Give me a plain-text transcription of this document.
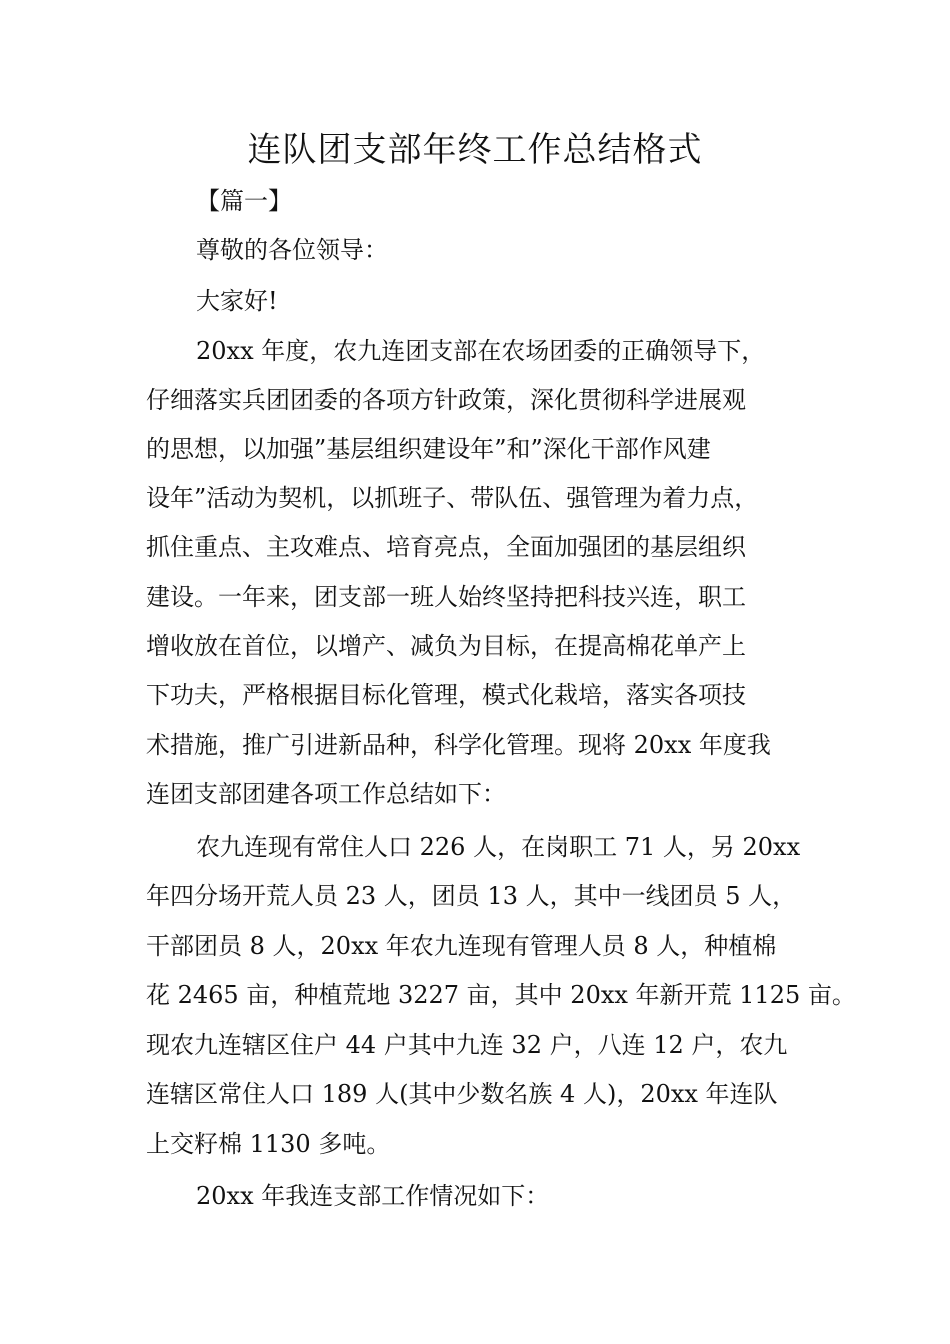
连队团支部年终工作总结格式

【篇一】

尊敬的各位领导：

大家好!

20xx 年度，农九连团支部在农场团委的正确领导下，

仔细落实兵团团委的各项方针政策，深化贯彻科学进展观

的思想，以加强”基层组织建设年”和”深化干部作风建

设年”活动为契机，以抓班子、带队伍、强管理为着力点，

抓住重点、主攻难点、培育亮点，全面加强团的基层组织

建设。一年来，团支部一班人始终坚持把科技兴连，职工

增收放在首位，以增产、减负为目标，在提高棉花单产上

下功夫，严格根据目标化管理，模式化栽培，落实各项技

术措施，推广引进新品种，科学化管理。现将 20xx 年度我

连团支部团建各项工作总结如下：

农九连现有常住人口 226 人，在岗职工 71 人，另 20xx

年四分场开荒人员 23 人，团员 13 人，其中一线团员 5 人，

干部团员 8 人，20xx 年农九连现有管理人员 8 人，种植棉

花 2465 亩，种植荒地 3227 亩，其中 20xx 年新开荒 1125 亩。

现农九连辖区住户 44 户其中九连 32 户，八连 12 户，农九

连辖区常住人口 189 人(其中少数名族 4 人)，20xx 年连队

上交籽棉 1130 多吨。

20xx 年我连支部工作情况如下：
